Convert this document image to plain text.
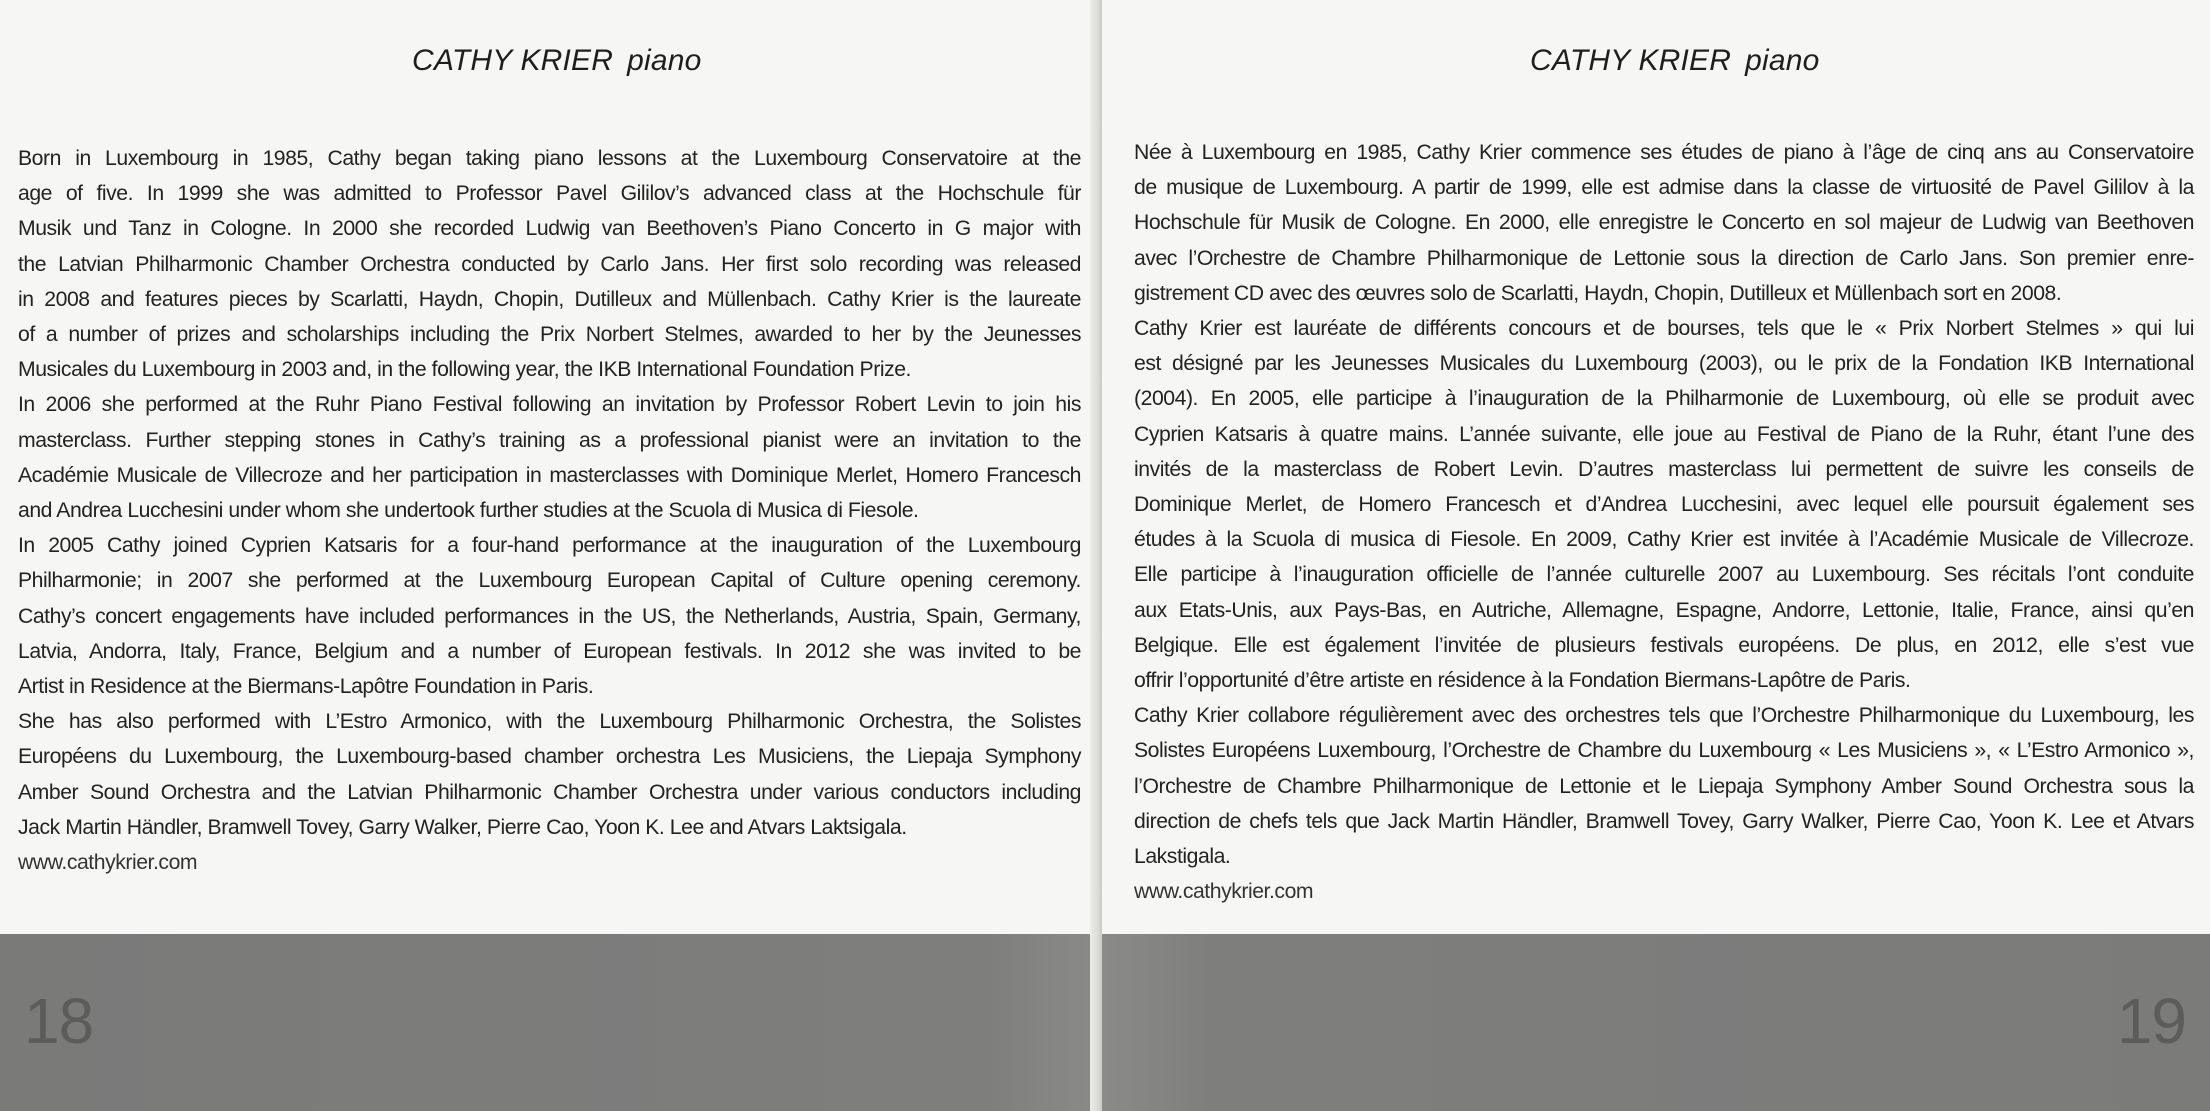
CATHY KRIER piano

Born in Luxembourg in 1985, Cathy began taking piano lessons at the Luxembourg Conservatoire at the
age of five. In 1999 she was admitted to Professor Pavel Gililov’s advanced class at the Hochschule für
Musik und Tanz in Cologne. In 2000 she recorded Ludwig van Beethoven’s Piano Concerto in G major with
the Latvian Philharmonic Chamber Orchestra conducted by Carlo Jans. Her first solo recording was released
in 2008 and features pieces by Scarlatti, Haydn, Chopin, Dutilleux and Müllenbach. Cathy Krier is the laureate
of a number of prizes and scholarships including the Prix Norbert Stelmes, awarded to her by the Jeunesses
Musicales du Luxembourg in 2003 and, in the following year, the IKB International Foundation Prize.

In 2006 she performed at the Ruhr Piano Festival following an invitation by Professor Robert Levin to join his
masterclass. Further stepping stones in Cathy’s training as a professional pianist were an invitation to the
Académie Musicale de Villecroze and her participation in masterclasses with Dominique Merlet, Homero Francesch
and Andrea Lucchesini under whom she undertook further studies at the Scuola di Musica di Fiesole.

In 2005 Cathy joined Cyprien Katsaris for a four-hand performance at the inauguration of the Luxembourg
Philharmonie; in 2007 she performed at the Luxembourg European Capital of Culture opening ceremony.
Cathy’s concert engagements have included performances in the US, the Netherlands, Austria, Spain, Germany,
Latvia, Andorra, Italy, France, Belgium and a number of European festivals. In 2012 she was invited to be
Artist in Residence at the Biermans-Lapôtre Foundation in Paris.

She has also performed with L’Estro Armonico, with the Luxembourg Philharmonic Orchestra, the Solistes
Européens du Luxembourg, the Luxembourg-based chamber orchestra Les Musiciens, the Liepaja Symphony
Amber Sound Orchestra and the Latvian Philharmonic Chamber Orchestra under various conductors including
Jack Martin Händler, Bramwell Tovey, Garry Walker, Pierre Cao, Yoon K. Lee and Atvars Laktsigala.

www.cathykrier.com
18
CATHY KRIER piano

Née à Luxembourg en 1985, Cathy Krier commence ses études de piano à l’âge de cinq ans au Conservatoire
de musique de Luxembourg. A partir de 1999, elle est admise dans la classe de virtuosité de Pavel Gililov à la
Hochschule für Musik de Cologne. En 2000, elle enregistre le Concerto en sol majeur de Ludwig van Beethoven
avec l’Orchestre de Chambre Philharmonique de Lettonie sous la direction de Carlo Jans. Son premier enre-
gistrement CD avec des œuvres solo de Scarlatti, Haydn, Chopin, Dutilleux et Müllenbach sort en 2008.

Cathy Krier est lauréate de différents concours et de bourses, tels que le « Prix Norbert Stelmes » qui lui
est désigné par les Jeunesses Musicales du Luxembourg (2003), ou le prix de la Fondation IKB International
(2004). En 2005, elle participe à l’inauguration de la Philharmonie de Luxembourg, où elle se produit avec
Cyprien Katsaris à quatre mains. L’année suivante, elle joue au Festival de Piano de la Ruhr, étant l’une des
invités de la masterclass de Robert Levin. D’autres masterclass lui permettent de suivre les conseils de
Dominique Merlet, de Homero Francesch et d’Andrea Lucchesini, avec lequel elle poursuit également ses
études à la Scuola di musica di Fiesole. En 2009, Cathy Krier est invitée à l’Académie Musicale de Villecroze.
Elle participe à l’inauguration officielle de l’année culturelle 2007 au Luxembourg. Ses récitals l’ont conduite
aux Etats-Unis, aux Pays-Bas, en Autriche, Allemagne, Espagne, Andorre, Lettonie, Italie, France, ainsi qu’en
Belgique. Elle est également l’invitée de plusieurs festivals européens. De plus, en 2012, elle s’est vue
offrir l’opportunité d’être artiste en résidence à la Fondation Biermans-Lapôtre de Paris.

Cathy Krier collabore régulièrement avec des orchestres tels que l’Orchestre Philharmonique du Luxembourg, les
Solistes Européens Luxembourg, l’Orchestre de Chambre du Luxembourg « Les Musiciens », « L’Estro Armonico »,
l’Orchestre de Chambre Philharmonique de Lettonie et le Liepaja Symphony Amber Sound Orchestra sous la
direction de chefs tels que Jack Martin Händler, Bramwell Tovey, Garry Walker, Pierre Cao, Yoon K. Lee et Atvars
Lakstigala.

www.cathykrier.com
19
